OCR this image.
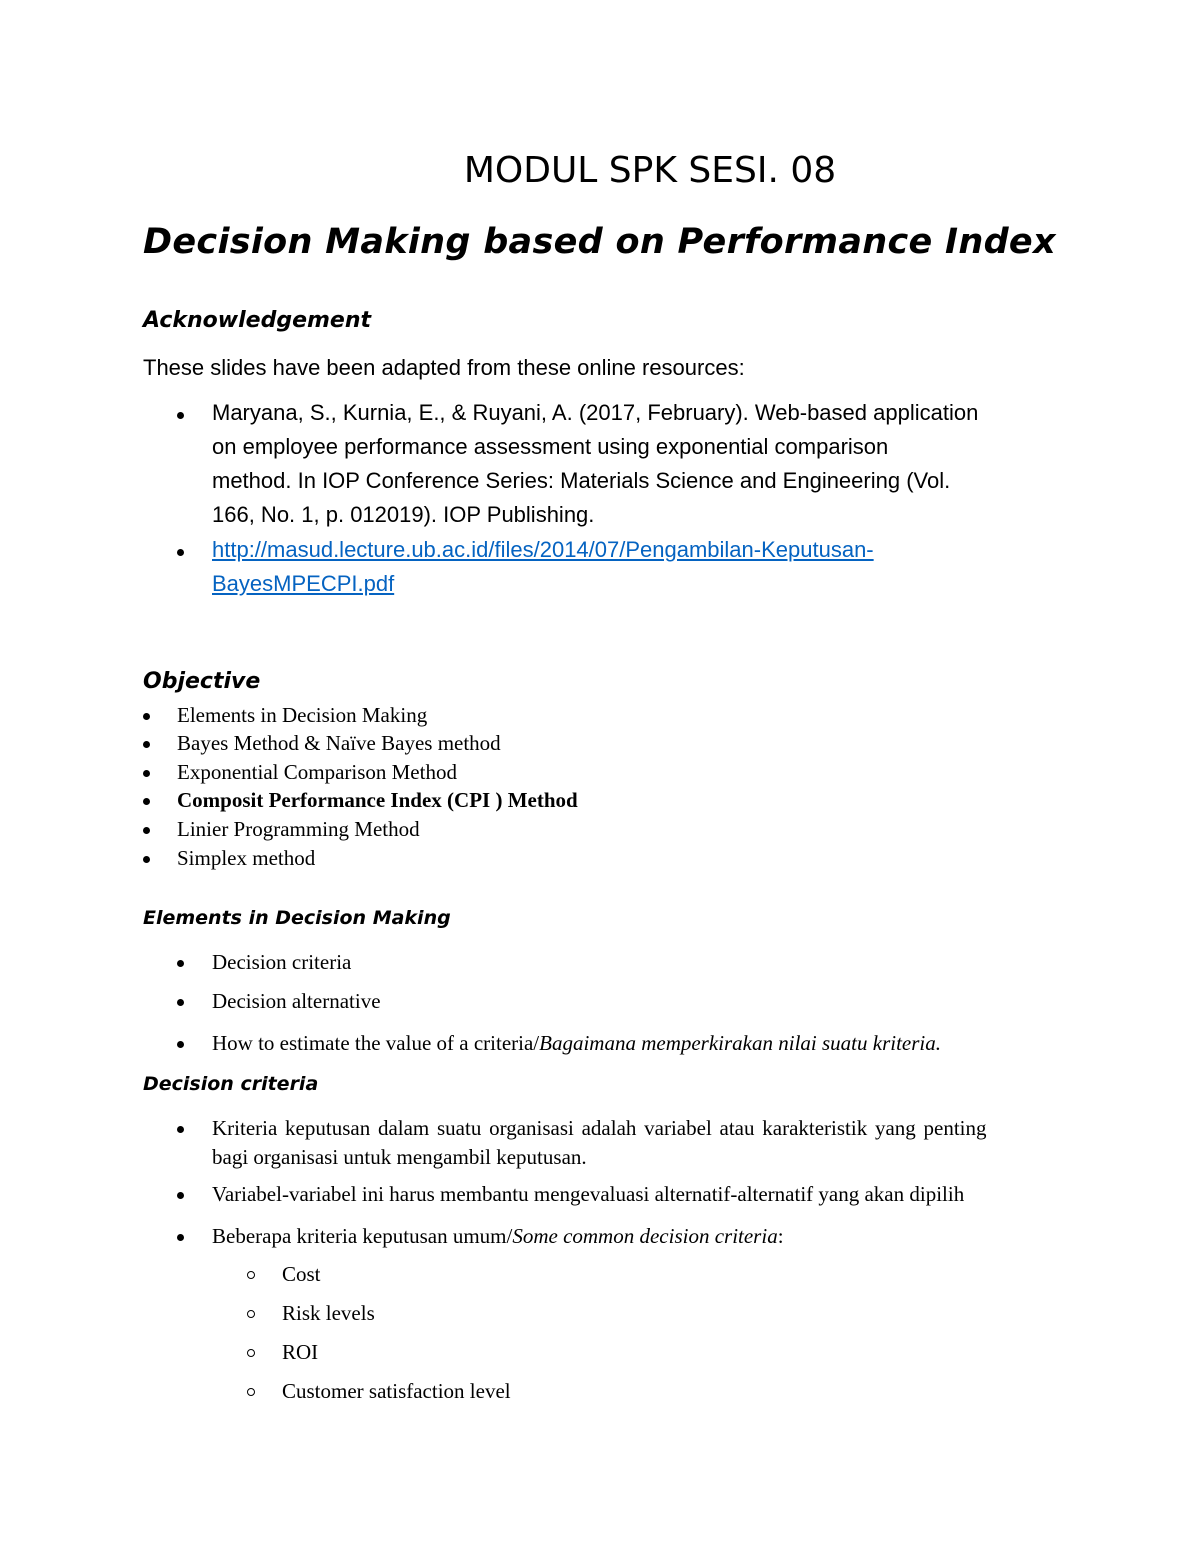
MODUL SPK SESI. 08
Decision Making based on Performance Index
Acknowledgement
These slides have been adapted from these online resources:
Maryana, S., Kurnia, E., & Ruyani, A. (2017, February). Web-based application
on employee performance assessment using exponential comparison
method. In IOP Conference Series: Materials Science and Engineering (Vol.
166, No. 1, p. 012019). IOP Publishing.
http://masud.lecture.ub.ac.id/files/2014/07/Pengambilan-Keputusan-
BayesMPECPI.pdf
Objective
Elements in Decision Making
Bayes Method & Naïve Bayes method
Exponential Comparison Method
Composit Performance Index (CPI ) Method
Linier Programming Method
Simplex method
Elements in Decision Making
Decision criteria
Decision alternative
How to estimate the value of a criteria/Bagaimana memperkirakan nilai suatu kriteria.
Decision criteria
Kriteria keputusan dalam suatu organisasi adalah variabel atau karakteristik yang penting
bagi organisasi untuk mengambil keputusan.
Variabel-variabel ini harus membantu mengevaluasi alternatif-alternatif yang akan dipilih
Beberapa kriteria keputusan umum/Some common decision criteria:
Cost
Risk levels
ROI
Customer satisfaction level
